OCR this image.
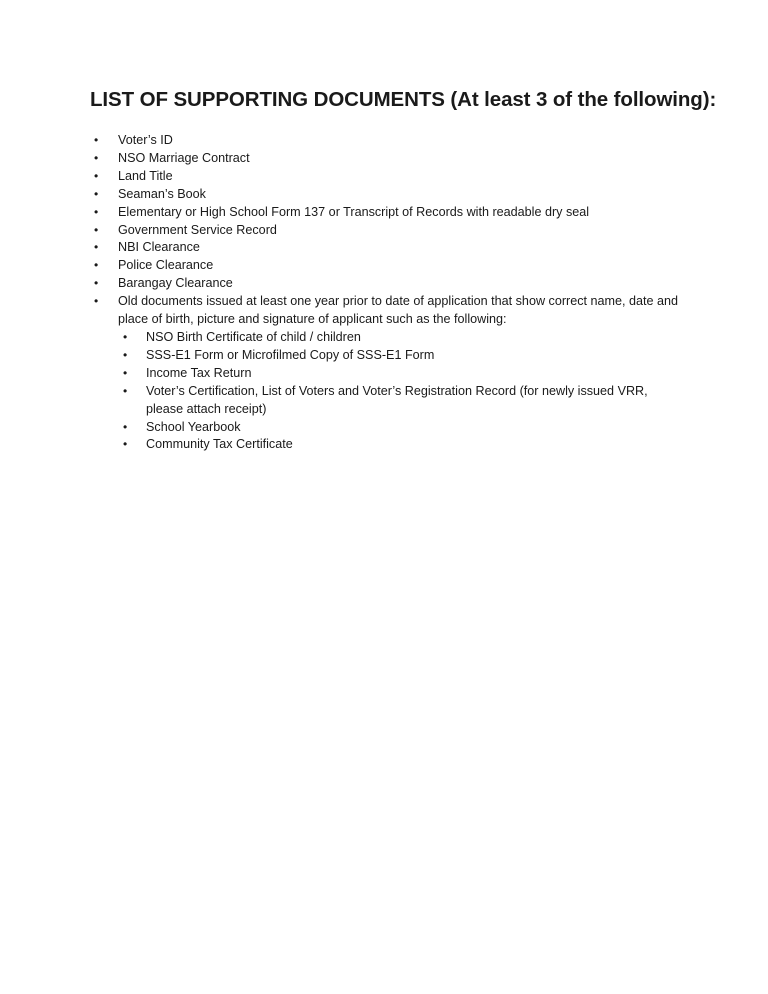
LIST OF SUPPORTING DOCUMENTS (At least 3 of the following):
• Voter’s ID
• NSO Marriage Contract
• Land Title
• Seaman’s Book
• Elementary or High School Form 137 or Transcript of Records with readable dry seal
• Government Service Record
• NBI Clearance
• Police Clearance
• Barangay Clearance
• Old documents issued at least one year prior to date of application that show correct name, date and place of birth, picture and signature of applicant such as the following:
• NSO Birth Certificate of child / children
• SSS-E1 Form or Microfilmed Copy of SSS-E1 Form
• Income Tax Return
• Voter’s Certification, List of Voters and Voter’s Registration Record (for newly issued VRR, please attach receipt)
• School Yearbook
• Community Tax Certificate
